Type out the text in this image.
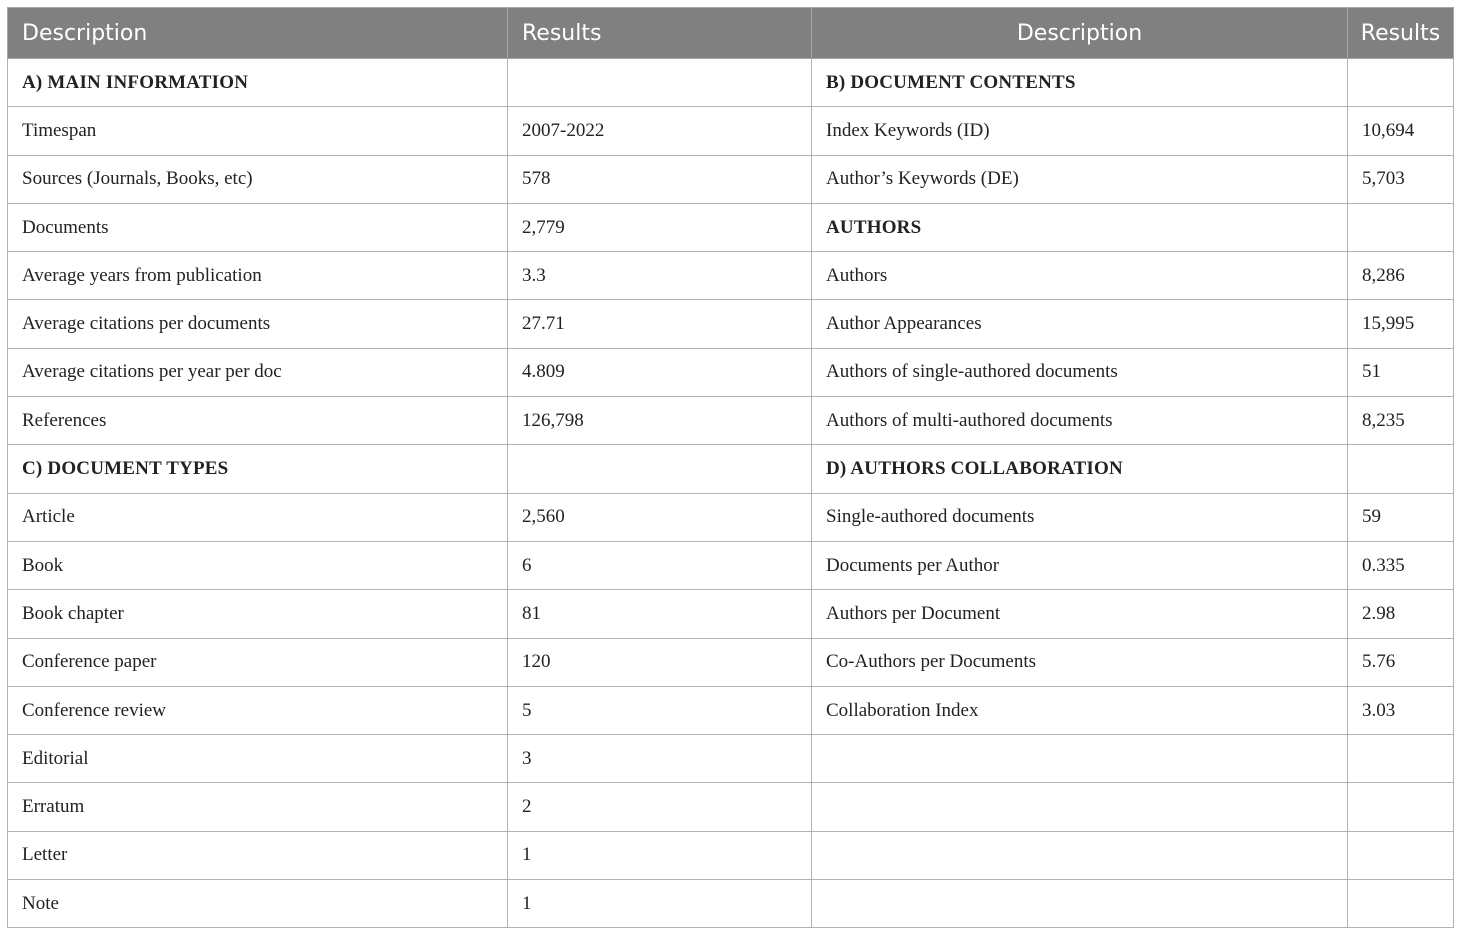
Description	Results	Description	Results
A) MAIN INFORMATION		B) DOCUMENT CONTENTS	
Timespan	2007-2022	Index Keywords (ID)	10,694
Sources (Journals, Books, etc)	578	Author’s Keywords (DE)	5,703
Documents	2,779	AUTHORS	
Average years from publication	3.3	Authors	8,286
Average citations per documents	27.71	Author Appearances	15,995
Average citations per year per doc	4.809	Authors of single-authored documents	51
References	126,798	Authors of multi-authored documents	8,235
C) DOCUMENT TYPES		D) AUTHORS COLLABORATION	
Article	2,560	Single-authored documents	59
Book	6	Documents per Author	0.335
Book chapter	81	Authors per Document	2.98
Conference paper	120	Co-Authors per Documents	5.76
Conference review	5	Collaboration Index	3.03
Editorial	3		
Erratum	2		
Letter	1		
Note	1		
